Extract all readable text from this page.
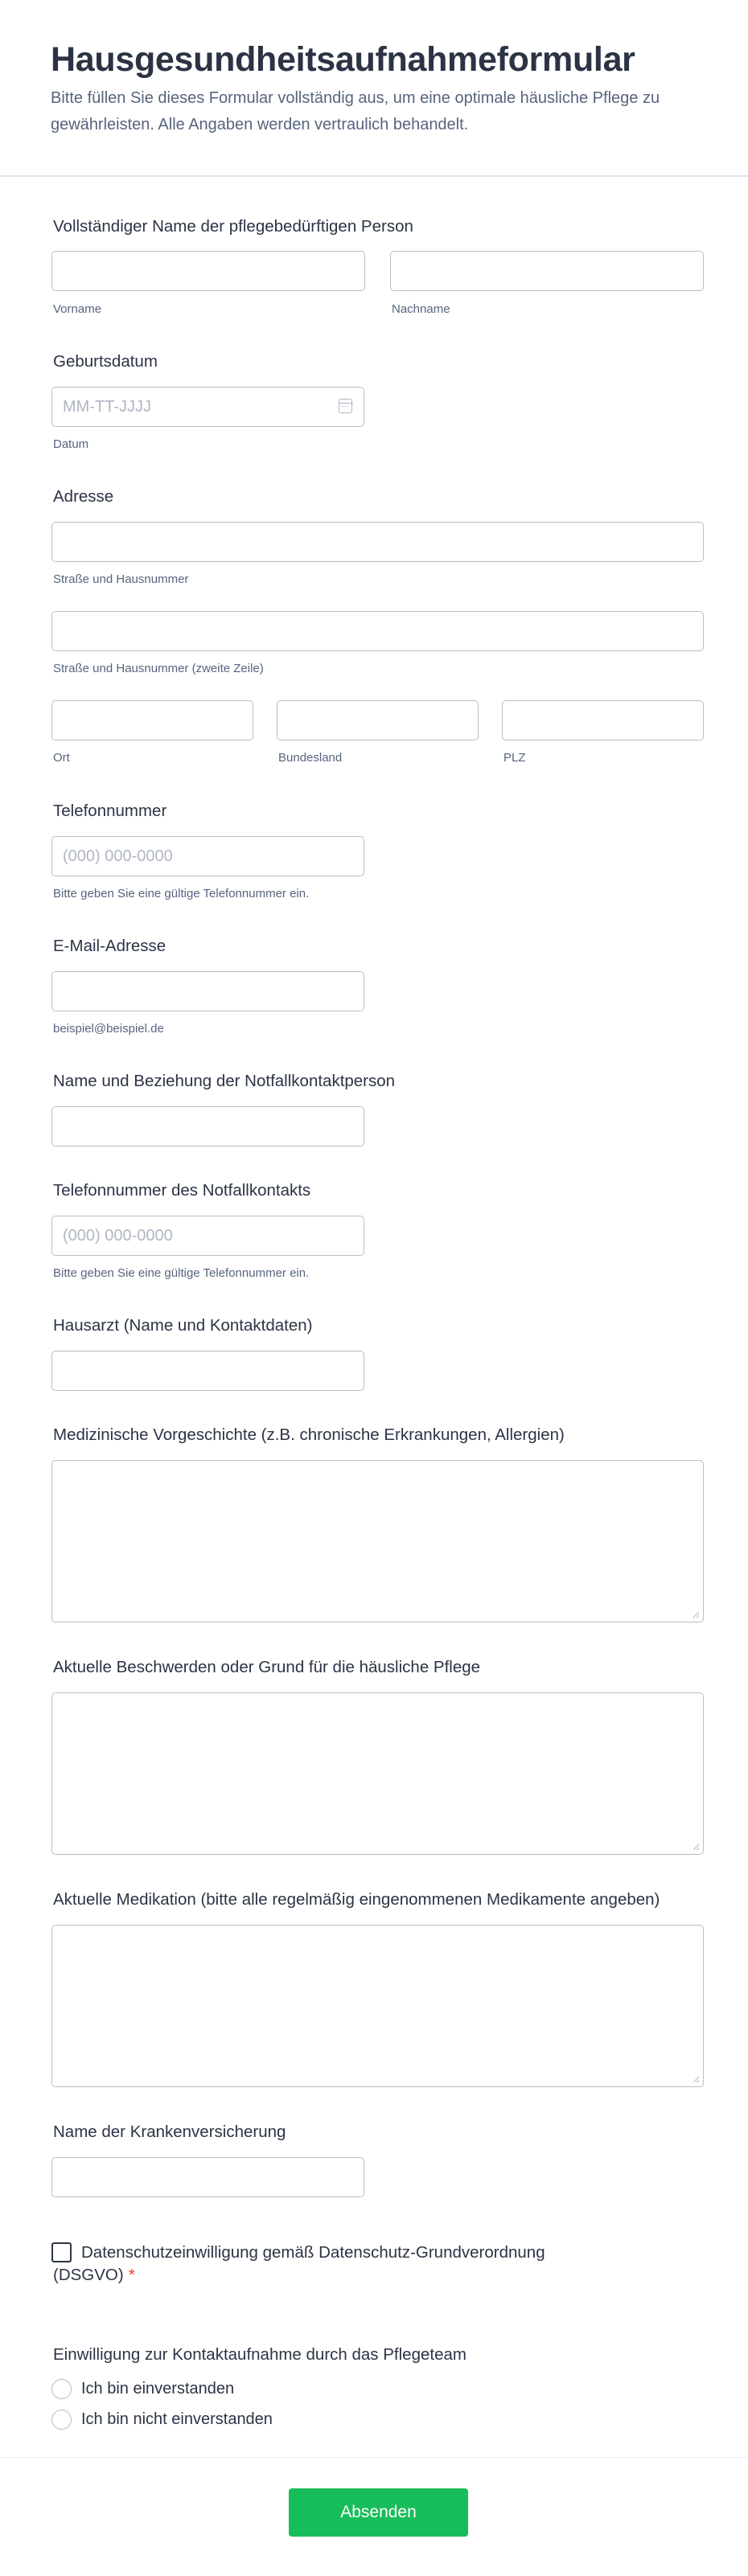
Hausgesundheitsaufnahmeformular

Bitte füllen Sie dieses Formular vollständig aus, um eine optimale häusliche Pflege zu gewährleisten. Alle Angaben werden vertraulich behandelt.

Vollständiger Name der pflegebedürftigen Person
Vorname	Nachname
Geburtsdatum
MM-TT-JJJJ
Datum
Adresse
Straße und Hausnummer
Straße und Hausnummer (zweite Zeile)
Ort	Bundesland	PLZ
Telefonnummer
(000) 000-0000
Bitte geben Sie eine gültige Telefonnummer ein.
E-Mail-Adresse
beispiel@beispiel.de
Name und Beziehung der Notfallkontaktperson
Telefonnummer des Notfallkontakts
(000) 000-0000
Bitte geben Sie eine gültige Telefonnummer ein.
Hausarzt (Name und Kontaktdaten)
Medizinische Vorgeschichte (z.B. chronische Erkrankungen, Allergien)
Aktuelle Beschwerden oder Grund für die häusliche Pflege
Aktuelle Medikation (bitte alle regelmäßig eingenommenen Medikamente angeben)
Name der Krankenversicherung
Datenschutzeinwilligung gemäß Datenschutz-Grundverordnung
(DSGVO) *
Einwilligung zur Kontaktaufnahme durch das Pflegeteam
Ich bin einverstanden
Ich bin nicht einverstanden
Absenden
